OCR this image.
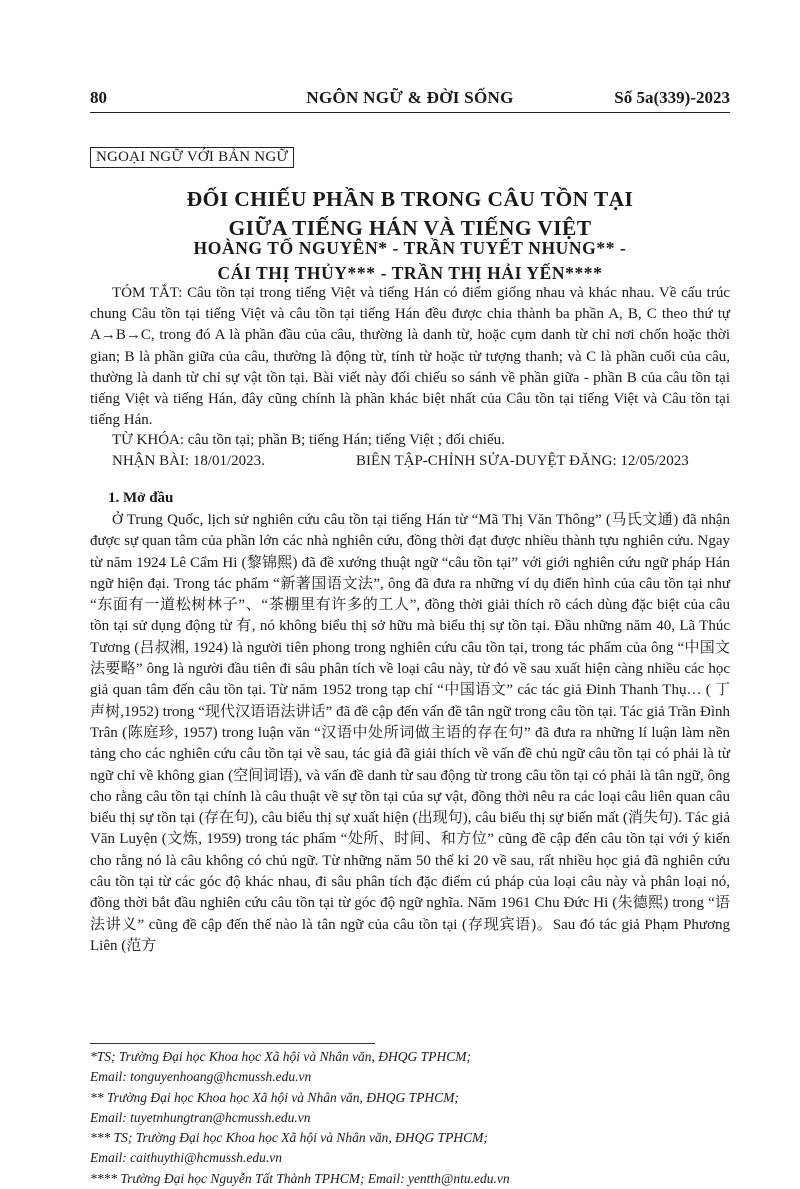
80	NGÔN NGỮ & ĐỜI SỐNG	Số 5a(339)-2023
NGOẠI NGỮ VỚI BẢN NGỮ
ĐỐI CHIẾU PHẦN B TRONG CÂU TỒN TẠI
GIỮA TIẾNG HÁN VÀ TIẾNG VIỆT
HOÀNG TỐ NGUYÊN* - TRẦN TUYẾT NHUNG** -
CÁI THỊ THỦY*** - TRẦN THỊ HẢI YẾN****

TÓM TẮT: Câu tồn tại trong tiếng Việt và tiếng Hán có điểm giống nhau và khác nhau. Về cấu trúc chung Câu tồn tại tiếng Việt và câu tồn tại tiếng Hán đều được chia thành ba phần A, B, C theo thứ tự A→B→C, trong đó A là phần đầu của câu, thường là danh từ, hoặc cụm danh từ chỉ nơi chốn hoặc thời gian; B là phần giữa của câu, thường là động từ, tính từ hoặc từ tượng thanh; và C là phần cuối của câu, thường là danh từ chỉ sự vật tồn tại. Bài viết này đối chiếu so sánh về phần giữa - phần B của câu tồn tại tiếng Việt và tiếng Hán, đây cũng chính là phần khác biệt nhất của Câu tồn tại tiếng Việt và Câu tồn tại tiếng Hán.

TỪ KHÓA: câu tồn tại; phần B; tiếng Hán; tiếng Việt ; đối chiếu.
NHẬN BÀI: 18/01/2023.	BIÊN TẬP-CHỈNH SỬA-DUYỆT ĐĂNG: 12/05/2023
1. Mở đầu

Ở Trung Quốc, lịch sử nghiên cứu câu tồn tại tiếng Hán từ “Mã Thị Văn Thông” (马氏文通) đã nhận được sự quan tâm của phần lớn các nhà nghiên cứu, đồng thời đạt được nhiều thành tựu nghiên cứu. Ngay từ năm 1924 Lê Cẩm Hi (黎锦熙) đã đề xướng thuật ngữ “câu tồn tại” với giới nghiên cứu ngữ pháp Hán ngữ hiện đại. Trong tác phẩm “新著国语文法”, ông đã đưa ra những ví dụ điển hình của câu tồn tại như “东面有一道松树林子”、“茶棚里有许多的工人”, đồng thời giải thích rõ cách dùng đặc biệt của câu tồn tại sử dụng động từ 有, nó không biểu thị sở hữu mà biểu thị sự tồn tại. Đầu những năm 40, Lã Thúc Tương (吕叔湘, 1924) là người tiên phong trong nghiên cứu câu tồn tại, trong tác phẩm của ông “中国文法要略” ông là người đầu tiên đi sâu phân tích về loại câu này, từ đó về sau xuất hiện càng nhiều các học giả quan tâm đến câu tồn tại. Từ năm 1952 trong tạp chí “中国语文” các tác giả Đinh Thanh Thụ… ( 丁声树,1952) trong “现代汉语语法讲话” đã đề cập đến vấn đề tân ngữ trong câu tồn tại. Tác giả Trần Đình Trân (陈庭珍, 1957) trong luận văn “汉语中处所词做主语的存在句” đã đưa ra những lí luận làm nền tảng cho các nghiên cứu câu tồn tại về sau, tác giả đã giải thích về vấn đề chủ ngữ câu tồn tại có phải là từ ngữ chỉ về không gian (空间词语), và vấn đề danh từ sau động từ trong câu tồn tại có phải là tân ngữ, ông cho rằng câu tồn tại chính là câu thuật về sự tồn tại của sự vật, đồng thời nêu ra các loại câu liên quan câu biểu thị sự tồn tại (存在句), câu biểu thị sự xuất hiện (出现句), câu biểu thị sự biến mất (消失句). Tác giả Văn Luyện (文炼, 1959) trong tác phẩm “处所、时间、和方位” cũng đề cập đến câu tồn tại với ý kiến cho rằng nó là câu không có chủ ngữ. Từ những năm 50 thế kỉ 20 về sau, rất nhiều học giả đã nghiên cứu câu tồn tại từ các góc độ khác nhau, đi sâu phân tích đặc điểm cú pháp của loại câu này và phân loại nó, đồng thời bắt đầu nghiên cứu câu tồn tại từ góc độ ngữ nghĩa. Năm 1961 Chu Đức Hi (朱德熙) trong “语法讲义” cũng đề cập đến thế nào là tân ngữ của câu tồn tại (存现宾语)。Sau đó tác giả Phạm Phương Liên (范方

*TS; Trường Đại học Khoa học Xã hội và Nhân văn, ĐHQG TPHCM;
Email: tonguyenhoang@hcmussh.edu.vn
** Trường Đại học Khoa học Xã hội và Nhân văn, ĐHQG TPHCM;
Email: tuyetnhungtran@hcmussh.edu.vn
*** TS; Trường Đại học Khoa học Xã hội và Nhân văn, ĐHQG TPHCM;
Email: caithuythi@hcmussh.edu.vn
**** Trường Đại học Nguyễn Tất Thành TPHCM; Email: yentth@ntu.edu.vn
